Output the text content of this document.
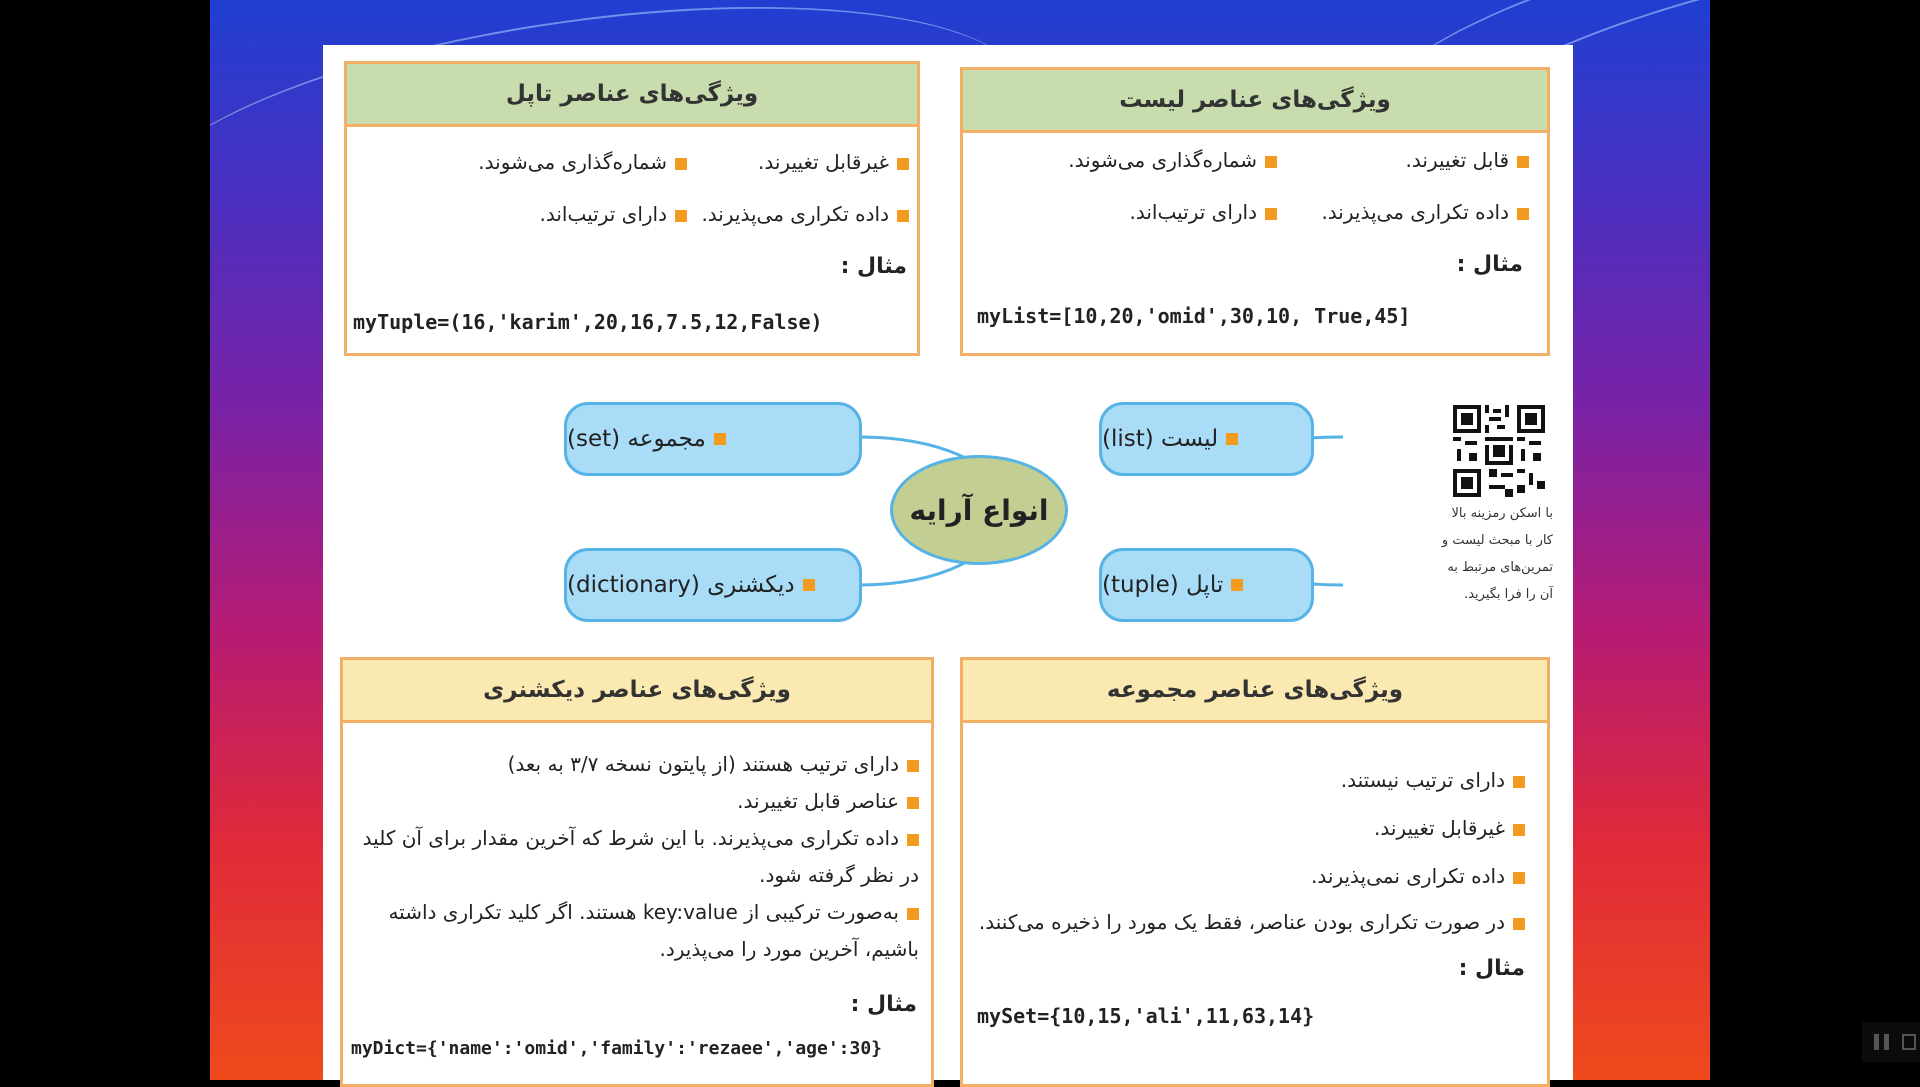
ویژگی‌های عناصر تاپل
غیرقابل تغییرند.
شماره‌گذاری می‌شوند.
داده تکراری می‌پذیرند.
دارای ترتیب‌اند.
مثال :
myTuple=(16,'karim',20,16,7.5,12,False)
ویژگی‌های عناصر لیست
قابل تغییرند.
شماره‌گذاری می‌شوند.
داده تکراری می‌پذیرند.
دارای ترتیب‌اند.
مثال :
myList=[10,20,'omid',30,10, True,45]
مجموعه (set)	لیست (list)
دیکشنری (dictionary)	تاپل (tuple)
انواع آرایه	با اسکن رمزینه بالا کار با مبحث لیست و تمرین‌های مرتبط به آن را فرا بگیرید.
ویژگی‌های عناصر دیکشنری
دارای ترتیب هستند (از پایتون نسخه ۳/۷ به بعد)
عناصر قابل تغییرند.
داده تکراری می‌پذیرند. با این شرط که آخرین مقدار برای آن کلید در نظر گرفته شود.
به‌صورت ترکیبی از key:value هستند. اگر کلید تکراری داشته باشیم، آخرین مورد را می‌پذیرد.
مثال :
myDict={'name':'omid','family':'rezaee','age':30}
ویژگی‌های عناصر مجموعه
دارای ترتیب نیستند.
غیرقابل تغییرند.
داده تکراری نمی‌پذیرند.
در صورت تکراری بودن عناصر، فقط یک مورد را ذخیره می‌کنند.
مثال :
mySet={10,15,'ali',11,63,14}
